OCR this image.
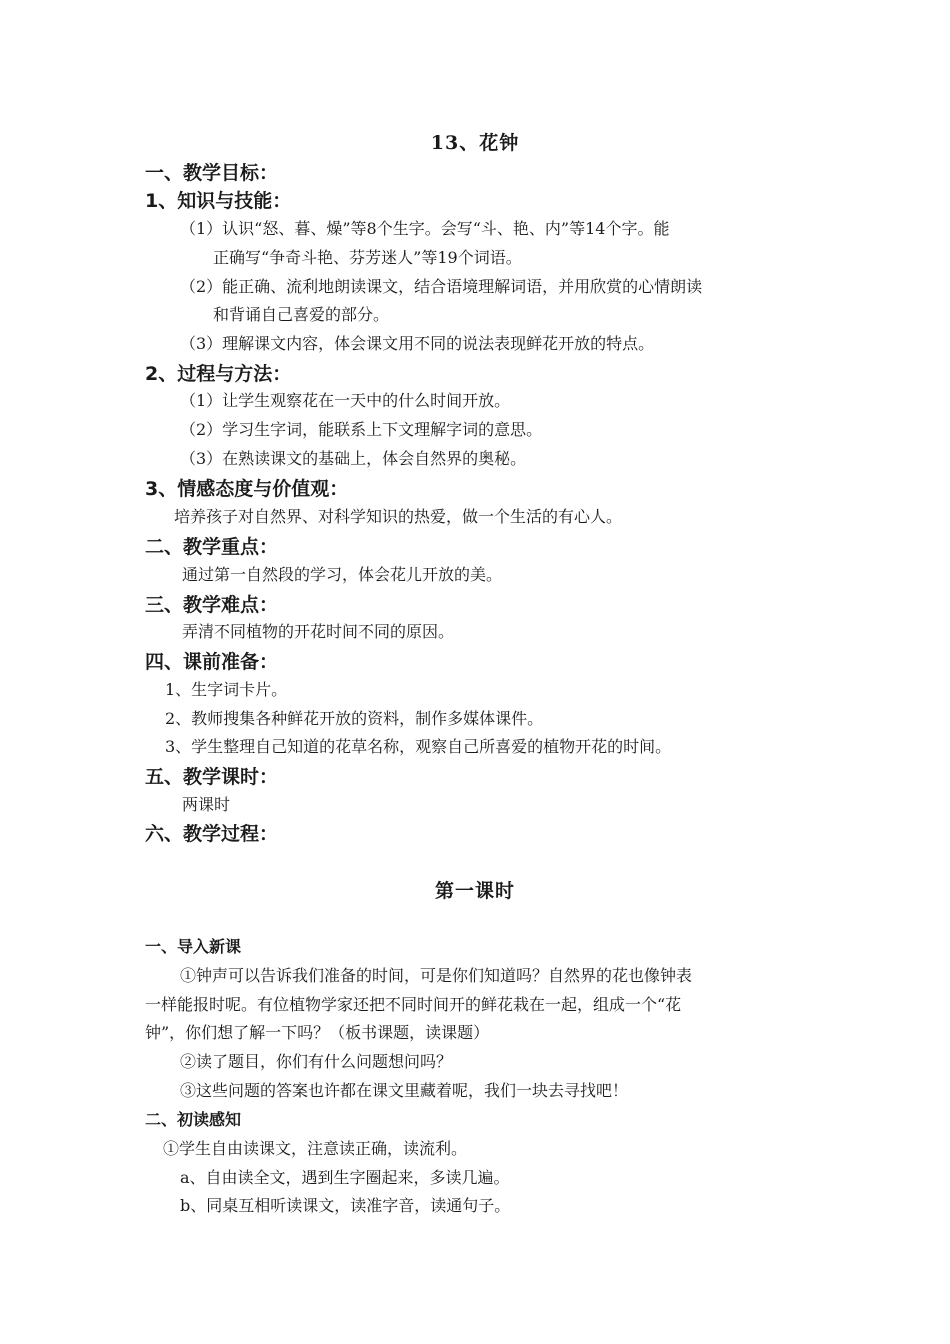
13、花钟
一、教学目标：
1、知识与技能：
（1）认识“怒、暮、燥”等8个生字。会写“斗、艳、内”等14个字。能
正确写“争奇斗艳、芬芳迷人”等19个词语。
（2）能正确、流利地朗读课文，结合语境理解词语，并用欣赏的心情朗读
和背诵自己喜爱的部分。
（3）理解课文内容，体会课文用不同的说法表现鲜花开放的特点。
2、过程与方法：
（1）让学生观察花在一天中的什么时间开放。
（2）学习生字词，能联系上下文理解字词的意思。
（3）在熟读课文的基础上，体会自然界的奥秘。
3、情感态度与价值观：
培养孩子对自然界、对科学知识的热爱，做一个生活的有心人。
二、教学重点：
通过第一自然段的学习，体会花儿开放的美。
三、教学难点：
弄清不同植物的开花时间不同的原因。
四、课前准备：
1、生字词卡片。
2、教师搜集各种鲜花开放的资料，制作多媒体课件。
3、学生整理自己知道的花草名称，观察自己所喜爱的植物开花的时间。
五、教学课时：
两课时
六、教学过程：
第一课时
一、导入新课
①钟声可以告诉我们准备的时间，可是你们知道吗？自然界的花也像钟表
一样能报时呢。有位植物学家还把不同时间开的鲜花栽在一起，组成一个“花
钟”，你们想了解一下吗？（板书课题，读课题）
②读了题目，你们有什么问题想问吗？
③这些问题的答案也许都在课文里藏着呢，我们一块去寻找吧！
二、初读感知
①学生自由读课文，注意读正确，读流利。
a、自由读全文，遇到生字圈起来，多读几遍。
b、同桌互相听读课文，读准字音，读通句子。
